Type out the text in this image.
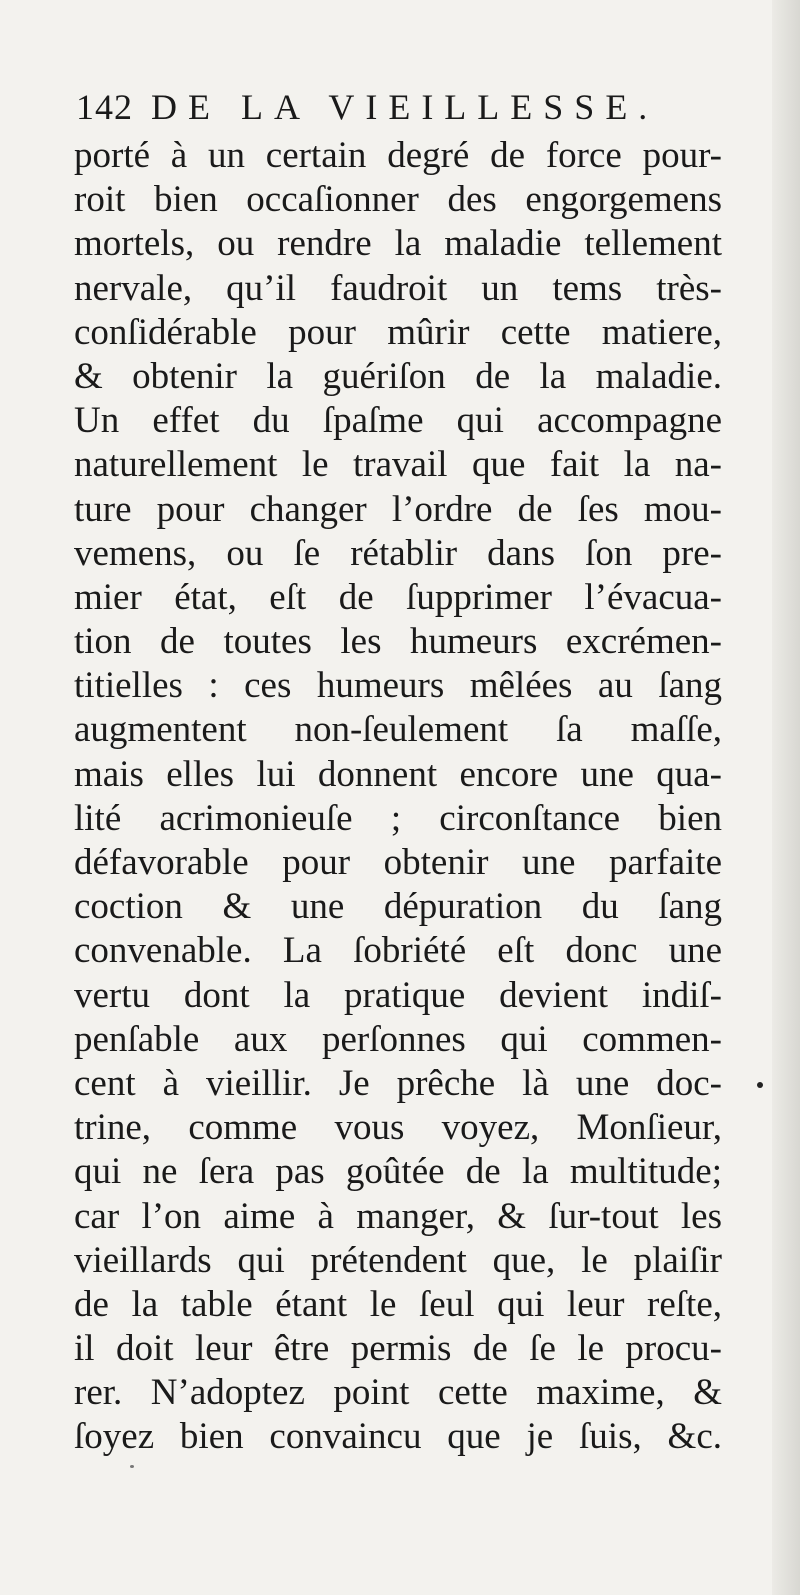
142 DE LA VIEILLESSE.
porté à un certain degré de force pour-
roit bien occaſionner des engorgemens
mortels, ou rendre la maladie tellement
nervale, qu’il faudroit un tems très-
conſidérable pour mûrir cette matiere,
& obtenir la guériſon de la maladie.
Un effet du ſpaſme qui accompagne
naturellement le travail que fait la na-
ture pour changer l’ordre de ſes mou-
vemens, ou ſe rétablir dans ſon pre-
mier état, eſt de ſupprimer l’évacua-
tion de toutes les humeurs excrémen-
titielles : ces humeurs mêlées au ſang
augmentent non-ſeulement ſa maſſe,
mais elles lui donnent encore une qua-
lité acrimonieuſe ; circonſtance bien
défavorable pour obtenir une parfaite
coction & une dépuration du ſang
convenable. La ſobriété eſt donc une
vertu dont la pratique devient indiſ-
penſable aux perſonnes qui commen-
cent à vieillir. Je prêche là une doc-
trine, comme vous voyez, Monſieur,
qui ne ſera pas goûtée de la multitude;
car l’on aime à manger, & ſur-tout les
vieillards qui prétendent que, le plaiſir
de la table étant le ſeul qui leur reſte,
il doit leur être permis de ſe le procu-
rer. N’adoptez point cette maxime, &
ſoyez bien convaincu que je ſuis, &c.
